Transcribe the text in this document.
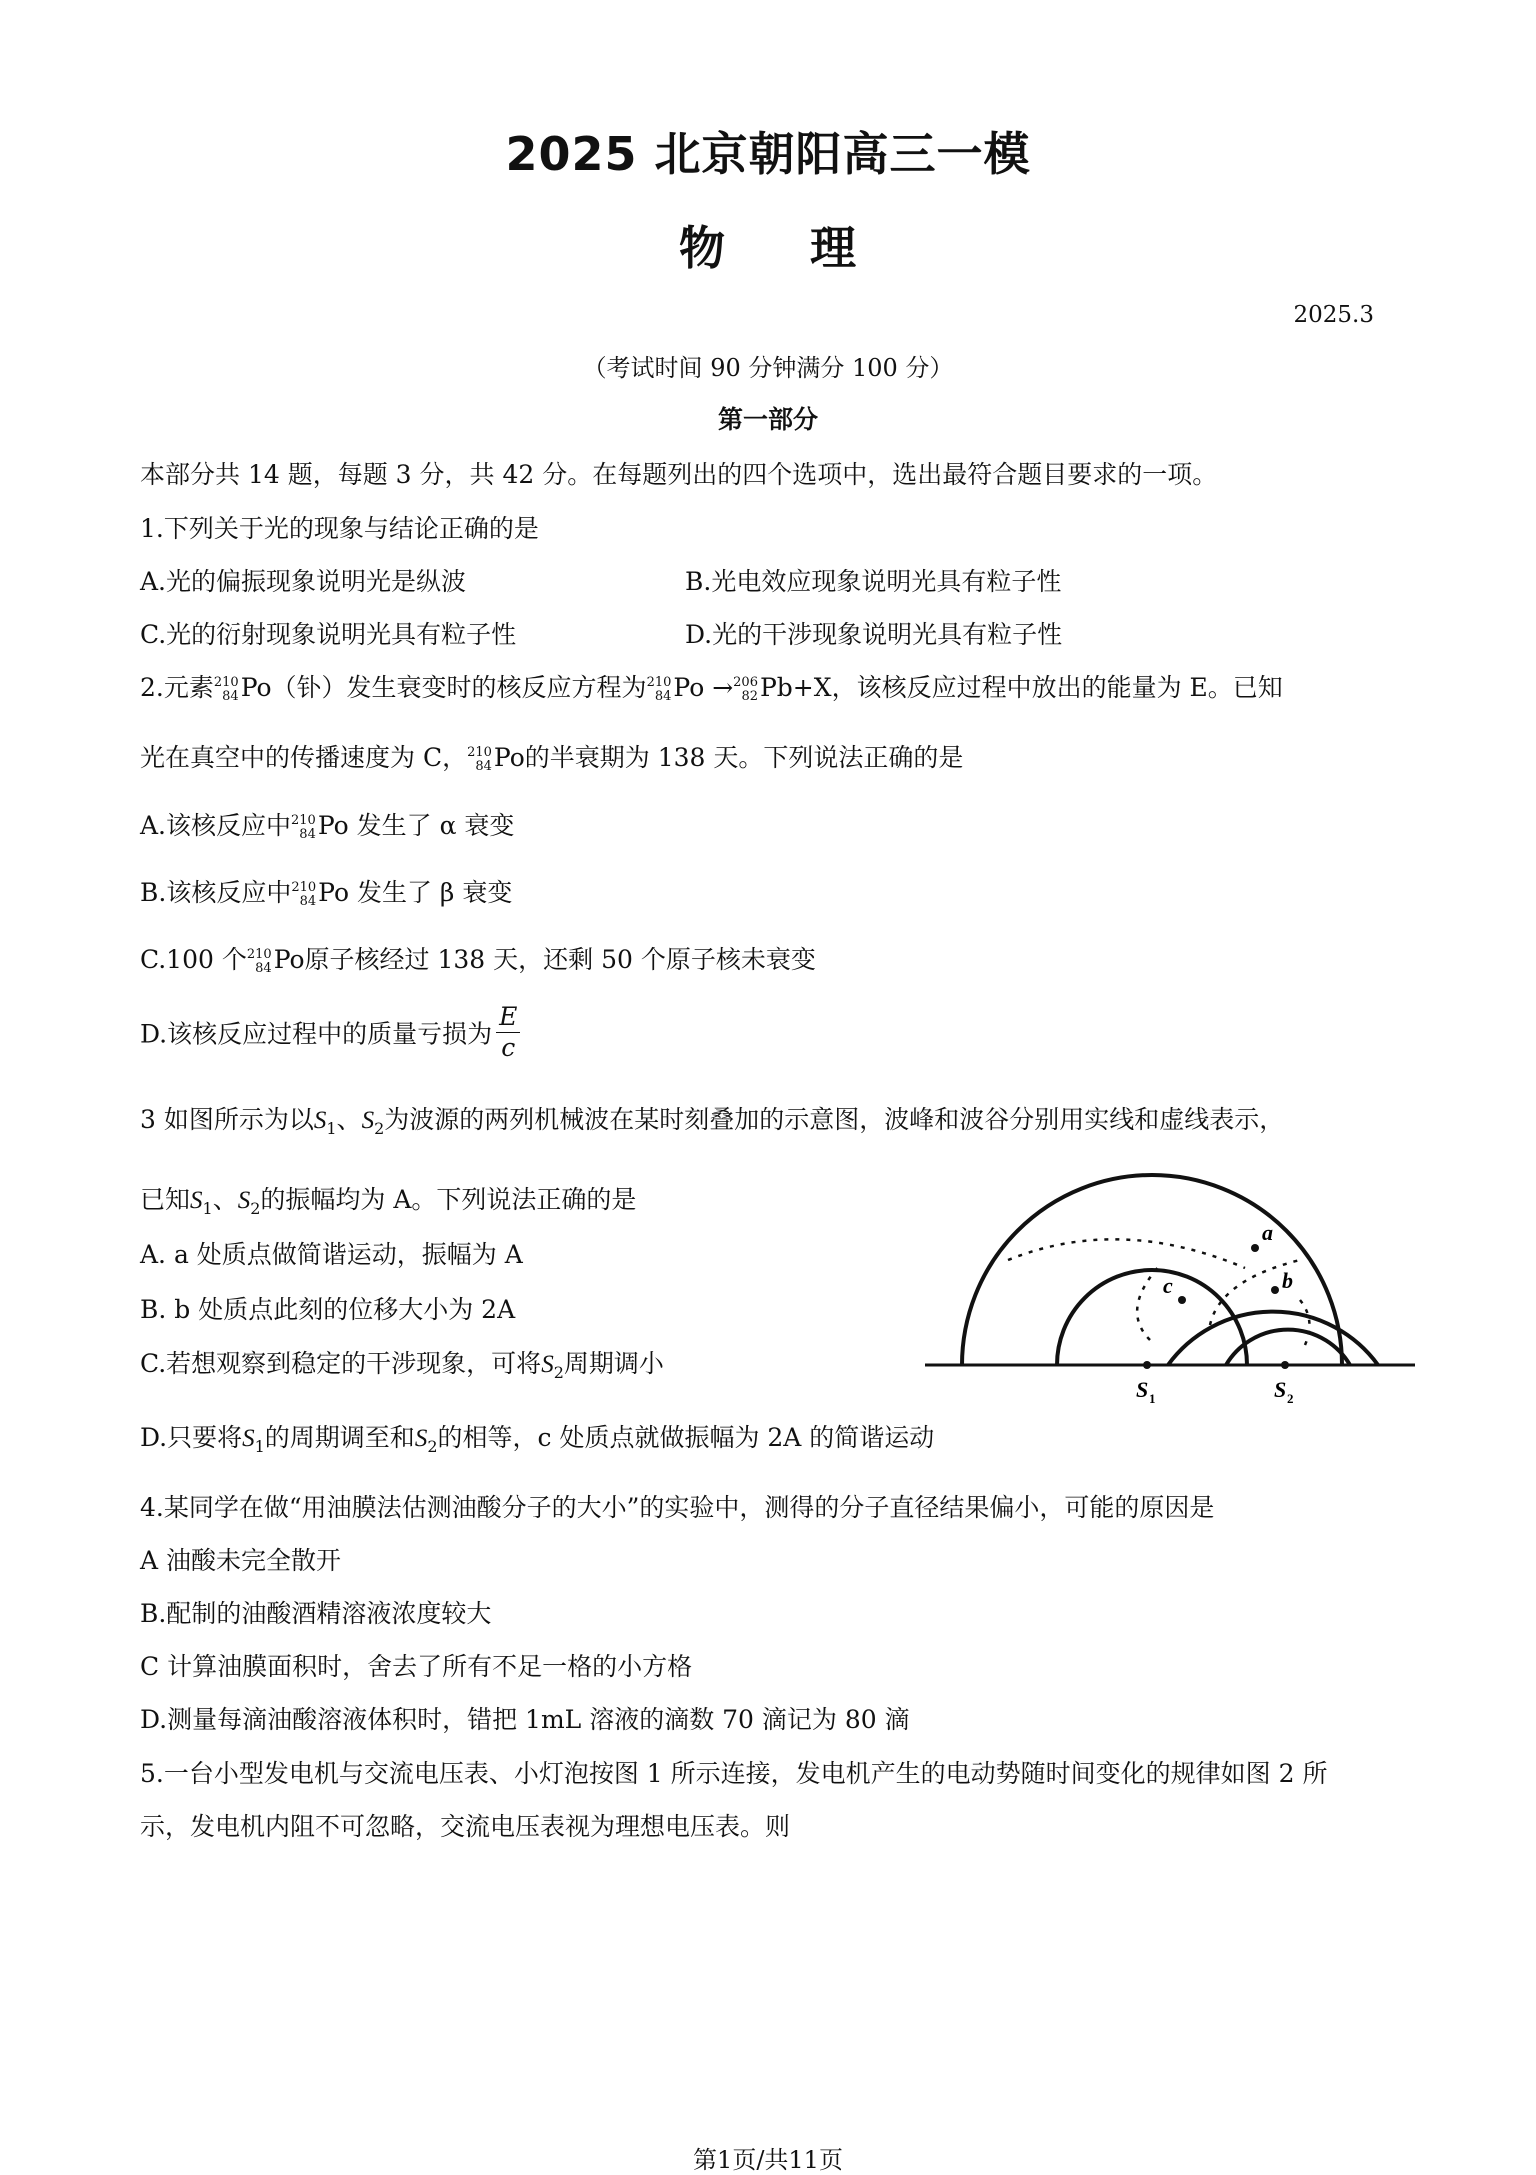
2025 北京朝阳高三一模
物 理
2025.3
（考试时间 90 分钟满分 100 分）
第一部分
本部分共 14 题，每题 3 分，共 42 分。在每题列出的四个选项中，选出最符合题目要求的一项。
1.下列关于光的现象与结论正确的是
A.光的偏振现象说明光是纵波	B.光电效应现象说明光具有粒子性
C.光的衍射现象说明光具有粒子性	D.光的干涉现象说明光具有粒子性
2.元素 210
84 Po（钋）发生衰变时的核反应方程为 210
84 Po → 206
82 Pb+X，该核反应过程中放出的能量为 E。已知
光在真空中的传播速度为 C， 210
84 Po的半衰期为 138 天。下列说法正确的是
A.该核反应中 210
84 Po 发生了 α 衰变
B.该核反应中 210
84 Po 发生了 β 衰变
C.100 个 210
84 Po原子核经过 138 天，还剩 50 个原子核未衰变
D.该核反应过程中的质量亏损为 $\frac{E}{c}$
3 如图所示为以$S_1$、$S_2$为波源的两列机械波在某时刻叠加的示意图，波峰和波谷分别用实线和虚线表示，
已知$S_1$、$S_2$的振幅均为 A。下列说法正确的是
A. a 处质点做简谐运动，振幅为 A
B. b 处质点此刻的位移大小为 2A
C.若想观察到稳定的干涉现象，可将$S_2$周期调小
D.只要将$S_1$的周期调至和$S_2$的相等，c 处质点就做振幅为 2A 的简谐运动
a
b
c
S 1	S 2
4.某同学在做“用油膜法估测油酸分子的大小”的实验中，测得的分子直径结果偏小，可能的原因是
A 油酸未完全散开
B.配制的油酸酒精溶液浓度较大
C 计算油膜面积时，舍去了所有不足一格的小方格
D.测量每滴油酸溶液体积时，错把 1mL 溶液的滴数 70 滴记为 80 滴
5.一台小型发电机与交流电压表、小灯泡按图 1 所示连接，发电机产生的电动势随时间变化的规律如图 2 所
示，发电机内阻不可忽略，交流电压表视为理想电压表。则
第1页/共11页
